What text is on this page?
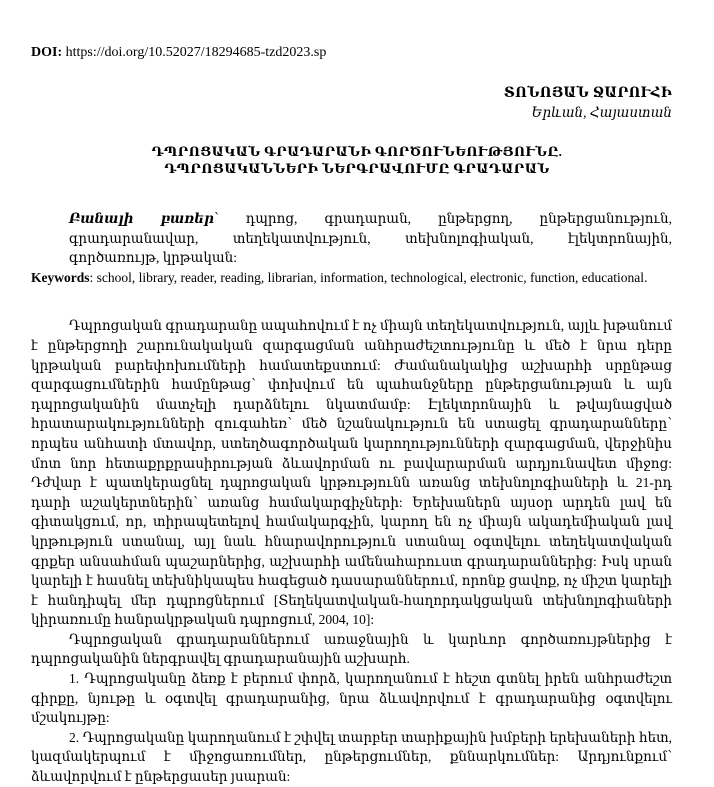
DOI: https://doi.org/10.52027/18294685-tzd2023.sp
ՏՈՆՈՅԱՆ ՋԱՐՈՒՀԻ
Երևան, Հայաստան
ԴՊՐՈՑԱԿԱՆ ԳՐԱԴԱՐԱՆԻ ԳՈՐԾՈՒՆԵՈՒԹՅՈՒՆԸ.
ԴՊՐՈՑԱԿԱՆՆԵՐԻ ՆԵՐԳՐԱՎՈՒՄԸ ԳՐԱԴԱՐԱՆ

Բանալի բառեր՝ դպրոց, գրադարան, ընթերցող, ընթերցանություն, գրադարանավար, տեղեկատվություն, տեխնոլոգիական, էլեկտրոնային, գործառույթ, կրթական:

Keywords: school, library, reader, reading, librarian, information, technological, electronic, function, educational.

Դպրոցական գրադարանը ապահովում է ոչ միայն տեղեկատվություն, այլև խթանում է ընթերցողի շարունակական զարգացման անհրաժեշտությունը և մեծ է նրա դերը կրթական բարեփոխումների համատեքստում: Ժամանակակից աշխարհի սրընթաց զարգացումներին համընթաց՝ փոխվում են պահանջները ընթերցանության և այն դպրոցականին մատչելի դարձնելու նկատմամբ: Էլեկտրոնային և թվայնացված հրատարակությունների զուգահեռ՝ մեծ նշանակություն են ստացել գրադարանները՝ որպես անհատի մտավոր, ստեղծագործական կարողությունների զարգացման, վերջինիս մոտ նոր հետաքրքրասիրության ձևավորման ու բավարարման արդյունավետ միջոց: Դժվար է պատկերացնել դպրոցական կրթությունն առանց տեխնոլոգիաների և 21-րդ դարի աշակերտներին՝ առանց համակարգիչների: Երեխաներն այսօր արդեն լավ են գիտակցում, որ, տիրապետելով համակարգչին, կարող են ոչ միայն ակադեմիական լավ կրթություն ստանալ, այլ նաև հնարավորություն ստանալ օգտվելու տեղեկատվական գրքեր անսահման պաշարներից, աշխարհի ամենահարուստ գրադարաններից: Իսկ սրան կարելի է հասնել տեխնիկապես հագեցած դասարաններում, որոնք ցավոք, ոչ միշտ կարելի է հանդիպել մեր դպրոցներում [Տեղեկատվական-հաղորդակցական տեխնոլոգիաների կիրառումը հանրակրթական դպրոցում, 2004, 10]:

Դպրոցական գրադարաններում առաջնային և կարևոր գործառույթներից է դպրոցականին ներգրավել գրադարանային աշխարհ.

1. Դպրոցականը ձեռք է բերում փորձ, կարողանում է հեշտ գտնել իրեն անհրաժեշտ գիրքը, նյութը և օգտվել գրադարանից, նրա ձևավորվում է գրադարանից օգտվելու մշակույթը:

2. Դպրոցականը կարողանում է շփվել տարբեր տարիքային խմբերի երեխաների հետ, կազմակերպում է միջոցառումներ, ընթերցումներ, քննարկումներ: Արդյունքում՝ ձևավորվում է ընթերցասեր յսարան:
